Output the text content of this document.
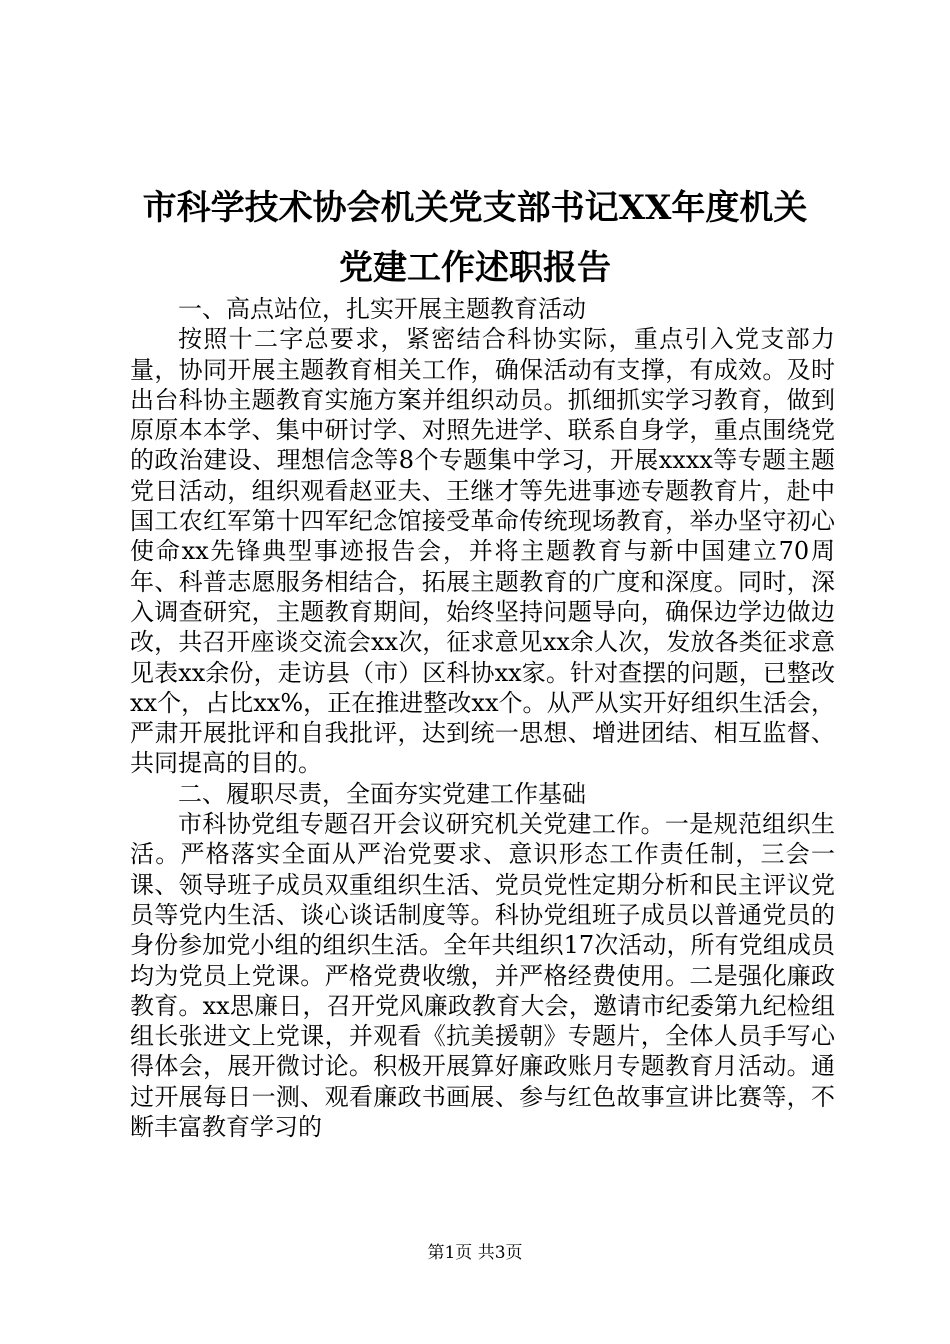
市科学技术协会机关党支部书记XX年度机关
党建工作述职报告

一、高点站位，扎实开展主题教育活动

按照十二字总要求，紧密结合科协实际，重点引入党支部力量，协同开展主题教育相关工作，确保活动有支撑，有成效。及时出台科协主题教育实施方案并组织动员。抓细抓实学习教育，做到原原本本学、集中研讨学、对照先进学、联系自身学，重点围绕党的政治建设、理想信念等8个专题集中学习，开展xxxx等专题主题党日活动，组织观看赵亚夫、王继才等先进事迹专题教育片，赴中国工农红军第十四军纪念馆接受革命传统现场教育，举办坚守初心使命xx先锋典型事迹报告会，并将主题教育与新中国建立70周年、科普志愿服务相结合，拓展主题教育的广度和深度。同时，深入调查研究，主题教育期间，始终坚持问题导向，确保边学边做边改，共召开座谈交流会xx次，征求意见xx余人次，发放各类征求意见表xx余份，走访县（市）区科协xx家。针对查摆的问题，已整改xx个，占比xx%，正在推进整改xx个。从严从实开好组织生活会，严肃开展批评和自我批评，达到统一思想、增进团结、相互监督、共同提高的目的。

二、履职尽责，全面夯实党建工作基础

市科协党组专题召开会议研究机关党建工作。一是规范组织生活。严格落实全面从严治党要求、意识形态工作责任制，三会一课、领导班子成员双重组织生活、党员党性定期分析和民主评议党员等党内生活、谈心谈话制度等。科协党组班子成员以普通党员的身份参加党小组的组织生活。全年共组织17次活动，所有党组成员均为党员上党课。严格党费收缴，并严格经费使用。二是强化廉政教育。xx思廉日，召开党风廉政教育大会，邀请市纪委第九纪检组组长张进文上党课，并观看《抗美援朝》专题片，全体人员手写心得体会，展开微讨论。积极开展算好廉政账月专题教育月活动。通过开展每日一测、观看廉政书画展、参与红色故事宣讲比赛等，不断丰富教育学习的

第1页 共3页
